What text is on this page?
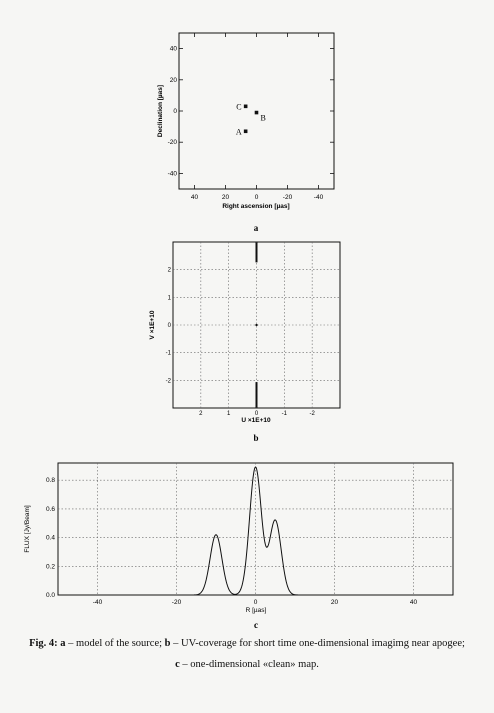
40	20	0	-20	-40
40
20
0
-20
-40
A
B
C
Right ascension [µas]
Declination [µas]
a
2	1	0	-1	-2
2
1
0
-1
-2
U ×1E+10
V ×1E+10
b
-40	-20	0	20	40
0.0
0.2
0.4
0.6
0.8
R [µas]
FLUX [Jy/Beam]
c
Fig. 4: a – model of the source; b – UV-coverage for short time one-dimensional imagimg near apogee;
c – one-dimensional «clean» map.
